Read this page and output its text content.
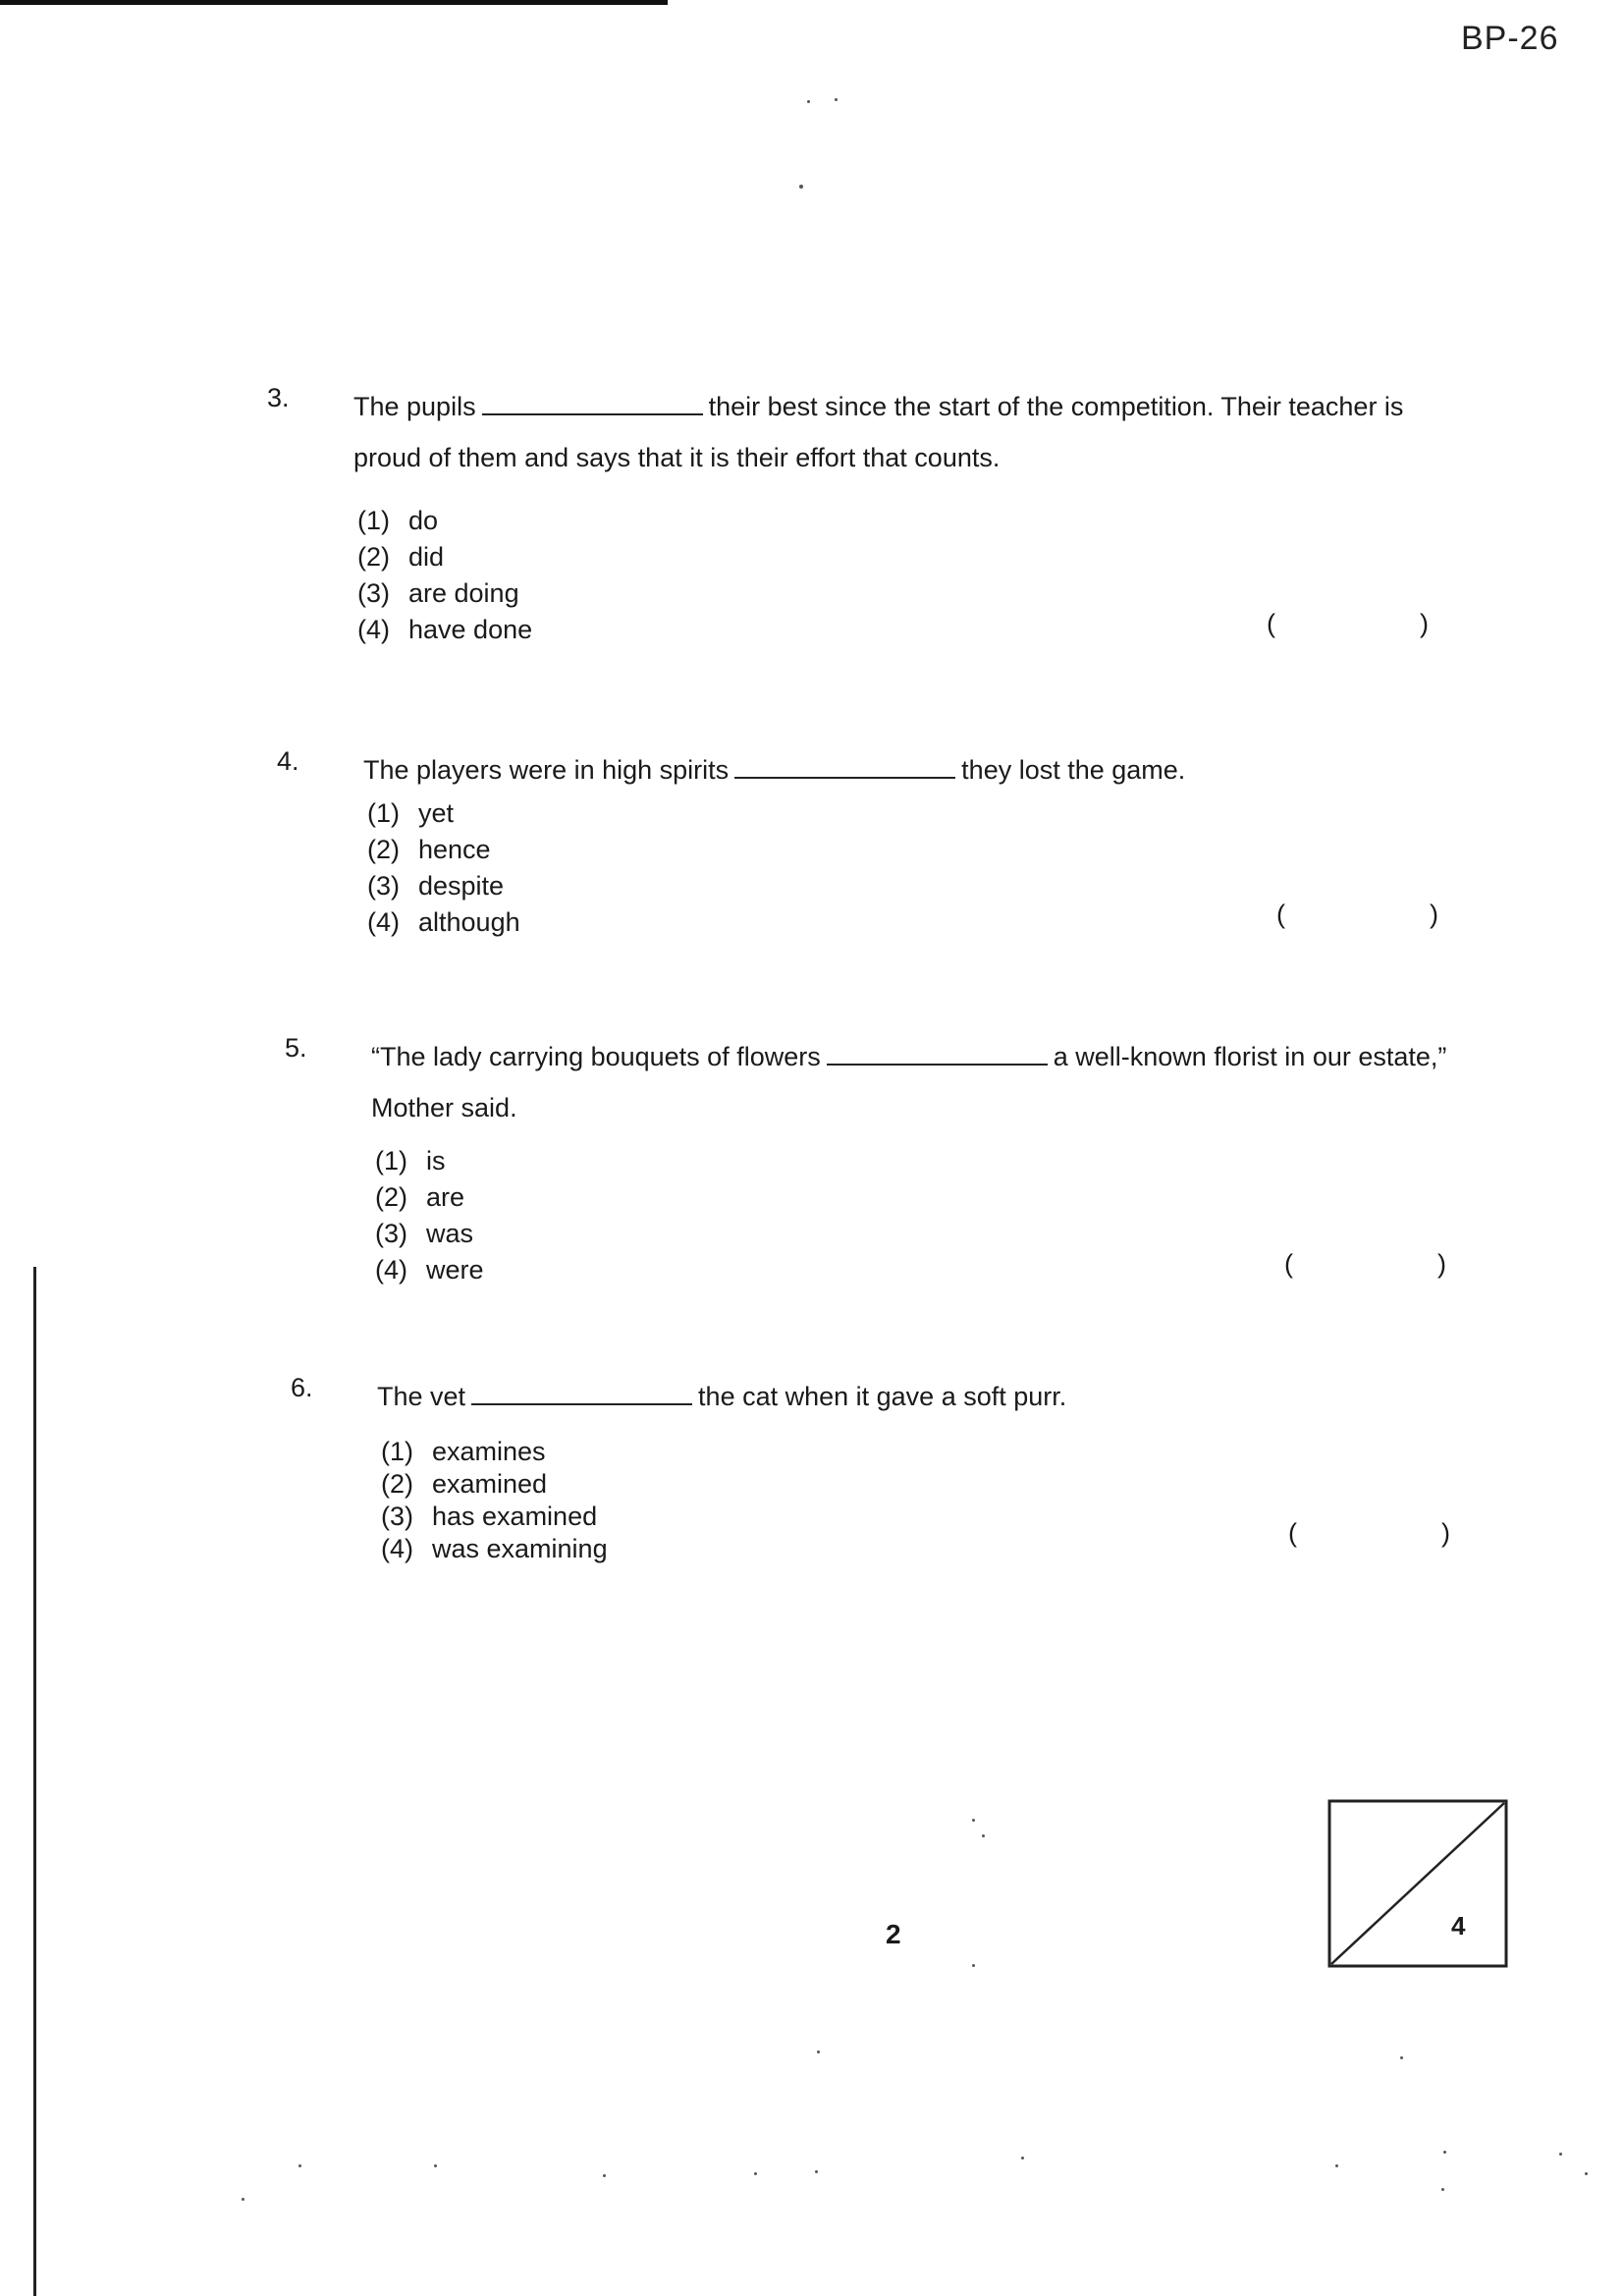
BP-26
3. The pupils	their best since the start of the competition. Their teacher is proud of them and says that it is their effort that counts.
(1) do
(2) did
(3) are doing
(4) have done	(	)
4. The players were in high spirits	they lost the game.
(1) yet
(2) hence
(3) despite
(4) although	(	)
5. “The lady carrying bouquets of flowers	a well-known florist in our estate,” Mother said.
(1) is
(2) are
(3) was
(4) were	(	)
6. The vet	the cat when it gave a soft purr.
(1) examines
(2) examined
(3) has examined
(4) was examining
(	)
2	4
